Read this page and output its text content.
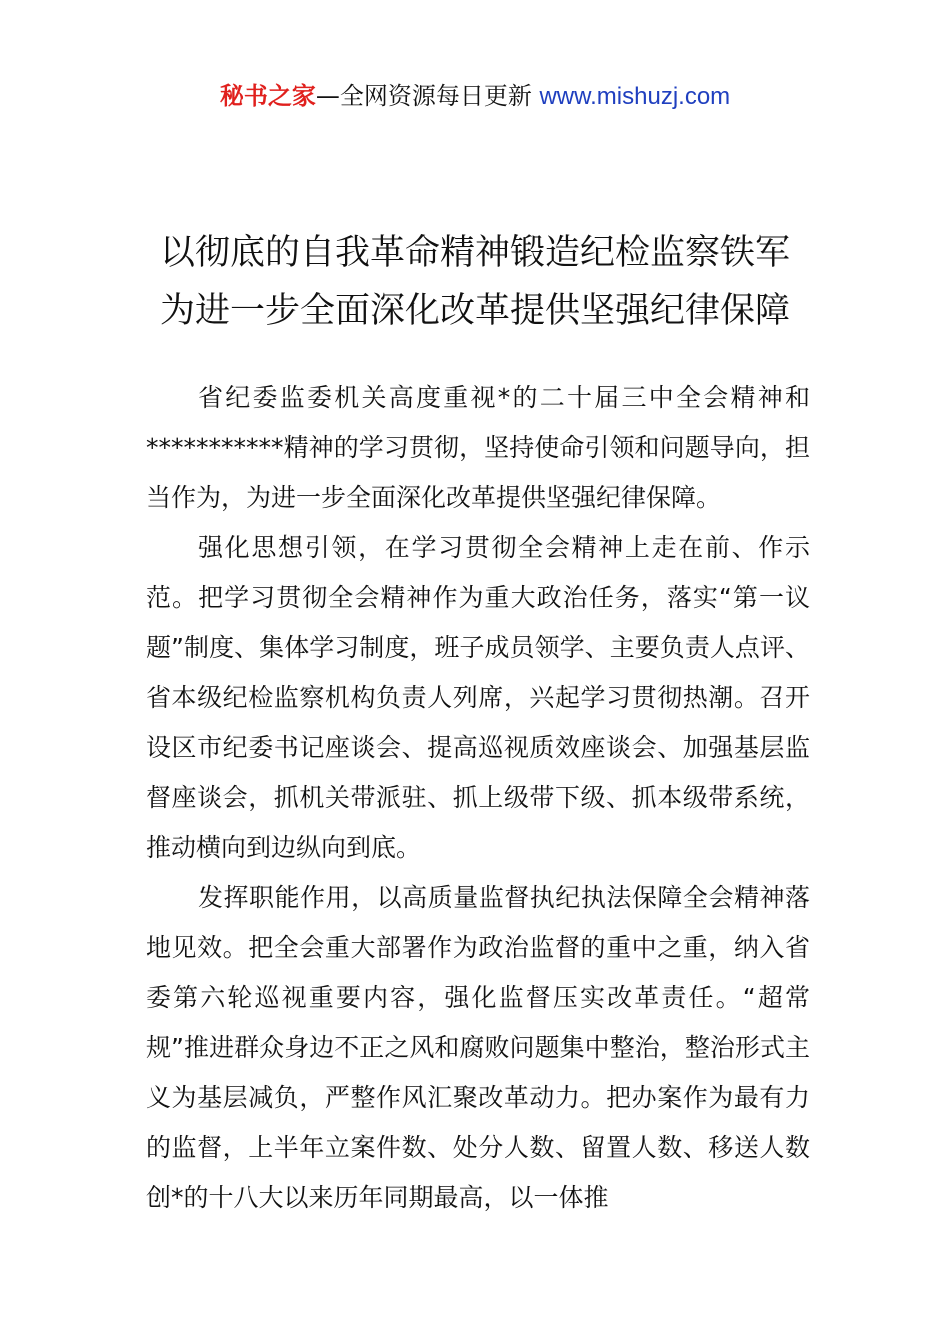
秘书之家—全网资源每日更新 www.mishuzj.com
以彻底的自我革命精神锻造纪检监察铁军
为进一步全面深化改革提供坚强纪律保障

省纪委监委机关高度重视*的二十届三中全会精神和***********精神的学习贯彻，坚持使命引领和问题导向，担当作为，为进一步全面深化改革提供坚强纪律保障。

强化思想引领，在学习贯彻全会精神上走在前、作示范。把学习贯彻全会精神作为重大政治任务，落实“第一议题”制度、集体学习制度，班子成员领学、主要负责人点评、省本级纪检监察机构负责人列席，兴起学习贯彻热潮。召开设区市纪委书记座谈会、提高巡视质效座谈会、加强基层监督座谈会，抓机关带派驻、抓上级带下级、抓本级带系统，推动横向到边纵向到底。

发挥职能作用，以高质量监督执纪执法保障全会精神落地见效。把全会重大部署作为政治监督的重中之重，纳入省委第六轮巡视重要内容，强化监督压实改革责任。“超常规”推进群众身边不正之风和腐败问题集中整治，整治形式主义为基层减负，严整作风汇聚改革动力。把办案作为最有力的监督，上半年立案件数、处分人数、留置人数、移送人数创*的十八大以来历年同期最高，以一体推
